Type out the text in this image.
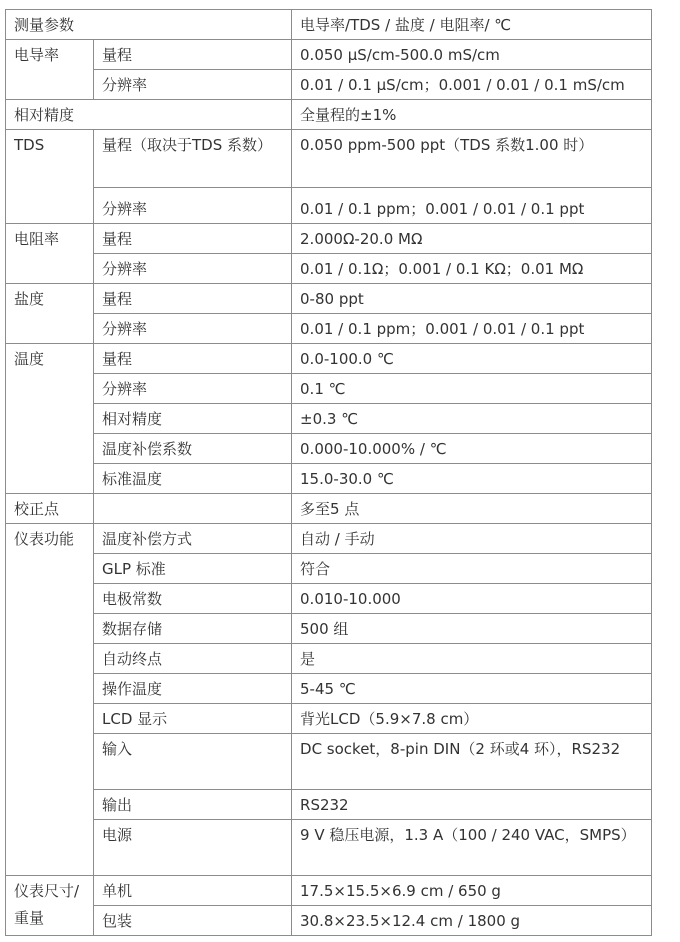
测量参数		电导率/TDS / 盐度 / 电阻率/ ℃
电导率	量程	0.050 μS/cm-500.0 mS/cm
	分辨率	0.01 / 0.1 μS/cm；0.001 / 0.01 / 0.1 mS/cm
相对精度		全量程的±1%
TDS	量程（取决于TDS 系数）	0.050 ppm-500 ppt（TDS 系数1.00 时）
	分辨率	0.01 / 0.1 ppm；0.001 / 0.01 / 0.1 ppt
电阻率	量程	2.000Ω-20.0 MΩ
	分辨率	0.01 / 0.1Ω；0.001 / 0.1 KΩ；0.01 MΩ
盐度	量程	0-80 ppt
	分辨率	0.01 / 0.1 ppm；0.001 / 0.01 / 0.1 ppt
温度	量程	0.0-100.0 ℃
	分辨率	0.1 ℃
	相对精度	±0.3 ℃
	温度补偿系数	0.000-10.000% / ℃
	标准温度	15.0-30.0 ℃
校正点		多至5 点
仪表功能	温度补偿方式	自动 / 手动
	GLP 标准	符合
	电极常数	0.010-10.000
	数据存储	500 组
	自动终点	是
	操作温度	5-45 ℃
	LCD 显示	背光LCD（5.9×7.8 cm）
	输入	DC socket，8-pin DIN（2 环或4 环），RS232
	输出	RS232
	电源	9 V 稳压电源，1.3 A（100 / 240 VAC，SMPS）
仪表尺寸/ 重量	单机	17.5×15.5×6.9 cm / 650 g
	包装	30.8×23.5×12.4 cm / 1800 g
